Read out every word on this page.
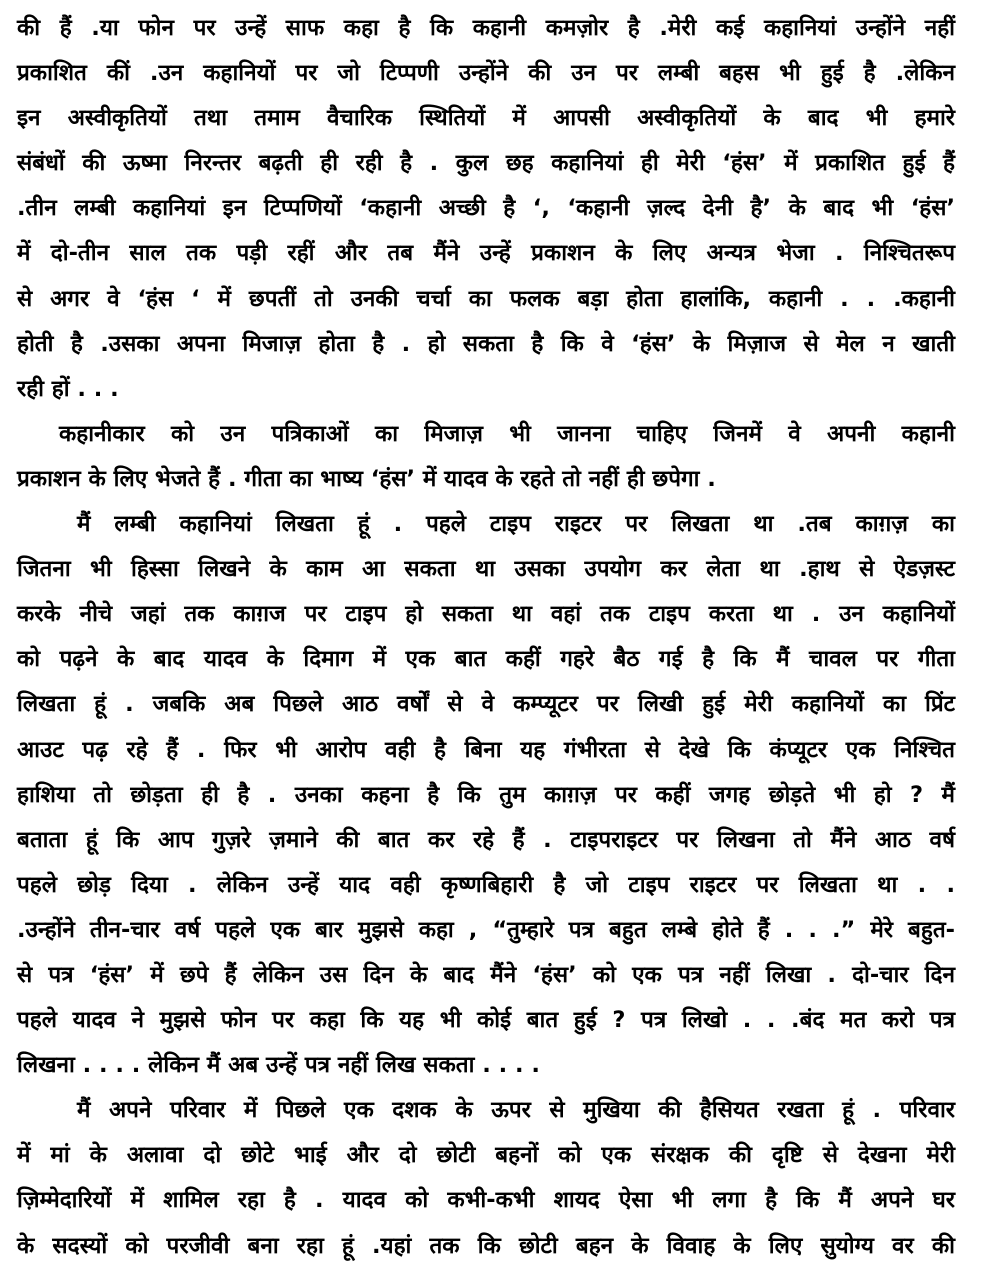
की हैं .या फोन पर उन्हें साफ कहा है कि कहानी कमज़ोर है .मेरी कई कहानियां उन्होंने नहीं
प्रकाशित कीं .उन कहानियों पर जो टिप्पणी उन्होंने की उन पर लम्बी बहस भी हुई है .लेकिन
इन अस्वीकृतियों तथा तमाम वैचारिक स्थितियों में आपसी अस्वीकृतियों के बाद भी हमारे
संबंधों की ऊष्मा निरन्तर बढ़ती ही रही है . कुल छह कहानियां ही मेरी ‘हंस’ में प्रकाशित हुई हैं
.तीन लम्बी कहानियां इन टिप्पणियों ‘कहानी अच्छी है ‘, ‘कहानी ज़ल्द देनी है’ के बाद भी ‘हंस’
में दो-तीन साल तक पड़ी रहीं और तब मैंने उन्हें प्रकाशन के लिए अन्यत्र भेजा . निश्चितरूप
से अगर वे ‘हंस ‘ में छपतीं तो उनकी चर्चा का फलक बड़ा होता हालांकि, कहानी . . .कहानी
होती है .उसका अपना मिजाज़ होता है . हो सकता है कि वे ‘हंस’ के मिज़ाज से मेल न खाती
रही हों . . .
कहानीकार को उन पत्रिकाओं का मिजाज़ भी जानना चाहिए जिनमें वे अपनी कहानी
प्रकाशन के लिए भेजते हैं . गीता का भाष्य ‘हंस’ में यादव के रहते तो नहीं ही छपेगा .
मैं लम्बी कहानियां लिखता हूं . पहले टाइप राइटर पर लिखता था .तब काग़ज़ का
जितना भी हिस्सा लिखने के काम आ सकता था उसका उपयोग कर लेता था .हाथ से ऐडज़स्ट
करके नीचे जहां तक काग़ज पर टाइप हो सकता था वहां तक टाइप करता था . उन कहानियों
को पढ़ने के बाद यादव के दिमाग में एक बात कहीं गहरे बैठ गई है कि मैं चावल पर गीता
लिखता हूं . जबकि अब पिछले आठ वर्षों से वे कम्प्यूटर पर लिखी हुई मेरी कहानियों का प्रिंट
आउट पढ़ रहे हैं . फिर भी आरोप वही है बिना यह गंभीरता से देखे कि कंप्यूटर एक निश्चित
हाशिया तो छोड़ता ही है . उनका कहना है कि तुम काग़ज़ पर कहीं जगह छोड़ते भी हो ? मैं
बताता हूं कि आप गुज़रे ज़माने की बात कर रहे हैं . टाइपराइटर पर लिखना तो मैंने आठ वर्ष
पहले छोड़ दिया . लेकिन उन्हें याद वही कृष्णबिहारी है जो टाइप राइटर पर लिखता था . .
.उन्होंने तीन-चार वर्ष पहले एक बार मुझसे कहा , “तुम्हारे पत्र बहुत लम्बे होते हैं . . .” मेरे बहुत-
से पत्र ‘हंस’ में छपे हैं लेकिन उस दिन के बाद मैंने ‘हंस’ को एक पत्र नहीं लिखा . दो-चार दिन
पहले यादव ने मुझसे फोन पर कहा कि यह भी कोई बात हुई ? पत्र लिखो . . .बंद मत करो पत्र
लिखना . . . . लेकिन मैं अब उन्हें पत्र नहीं लिख सकता . . . .
मैं अपने परिवार में पिछले एक दशक के ऊपर से मुखिया की हैसियत रखता हूं . परिवार
में मां के अलावा दो छोटे भाई और दो छोटी बहनों को एक संरक्षक की दृष्टि से देखना मेरी
ज़िम्मेदारियों में शामिल रहा है . यादव को कभी-कभी शायद ऐसा भी लगा है कि मैं अपने घर
के सदस्यों को परजीवी बना रहा हूं .यहां तक कि छोटी बहन के विवाह के लिए सुयोग्य वर की
